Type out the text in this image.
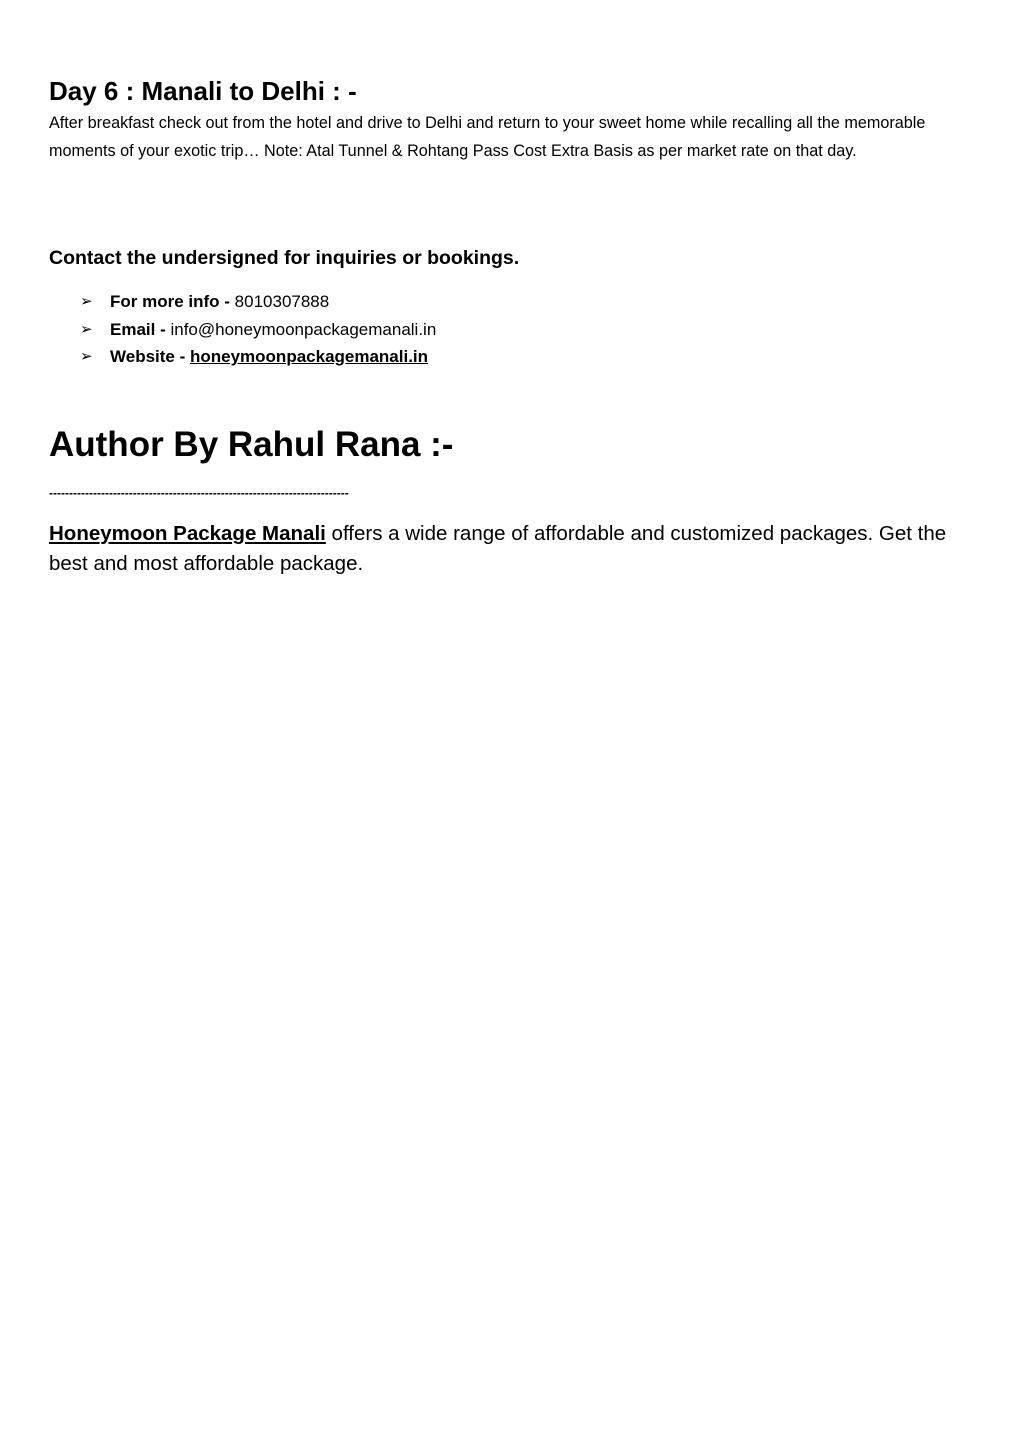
Day 6 : Manali to Delhi : -

After breakfast check out from the hotel and drive to Delhi and return to your sweet home while recalling all the memorable moments of your exotic trip… Note: Atal Tunnel & Rohtang Pass Cost Extra Basis as per market rate on that day.

Contact the undersigned for inquiries or bookings.
➢ For more info - 8010307888
➢ Email - info@honeymoonpackagemanali.in
➢ Website - honeymoonpackagemanali.in
Author By Rahul Rana :-
---------------------------------------------------------------------------

Honeymoon Package Manali offers a wide range of affordable and customized packages. Get the best and most affordable package.
